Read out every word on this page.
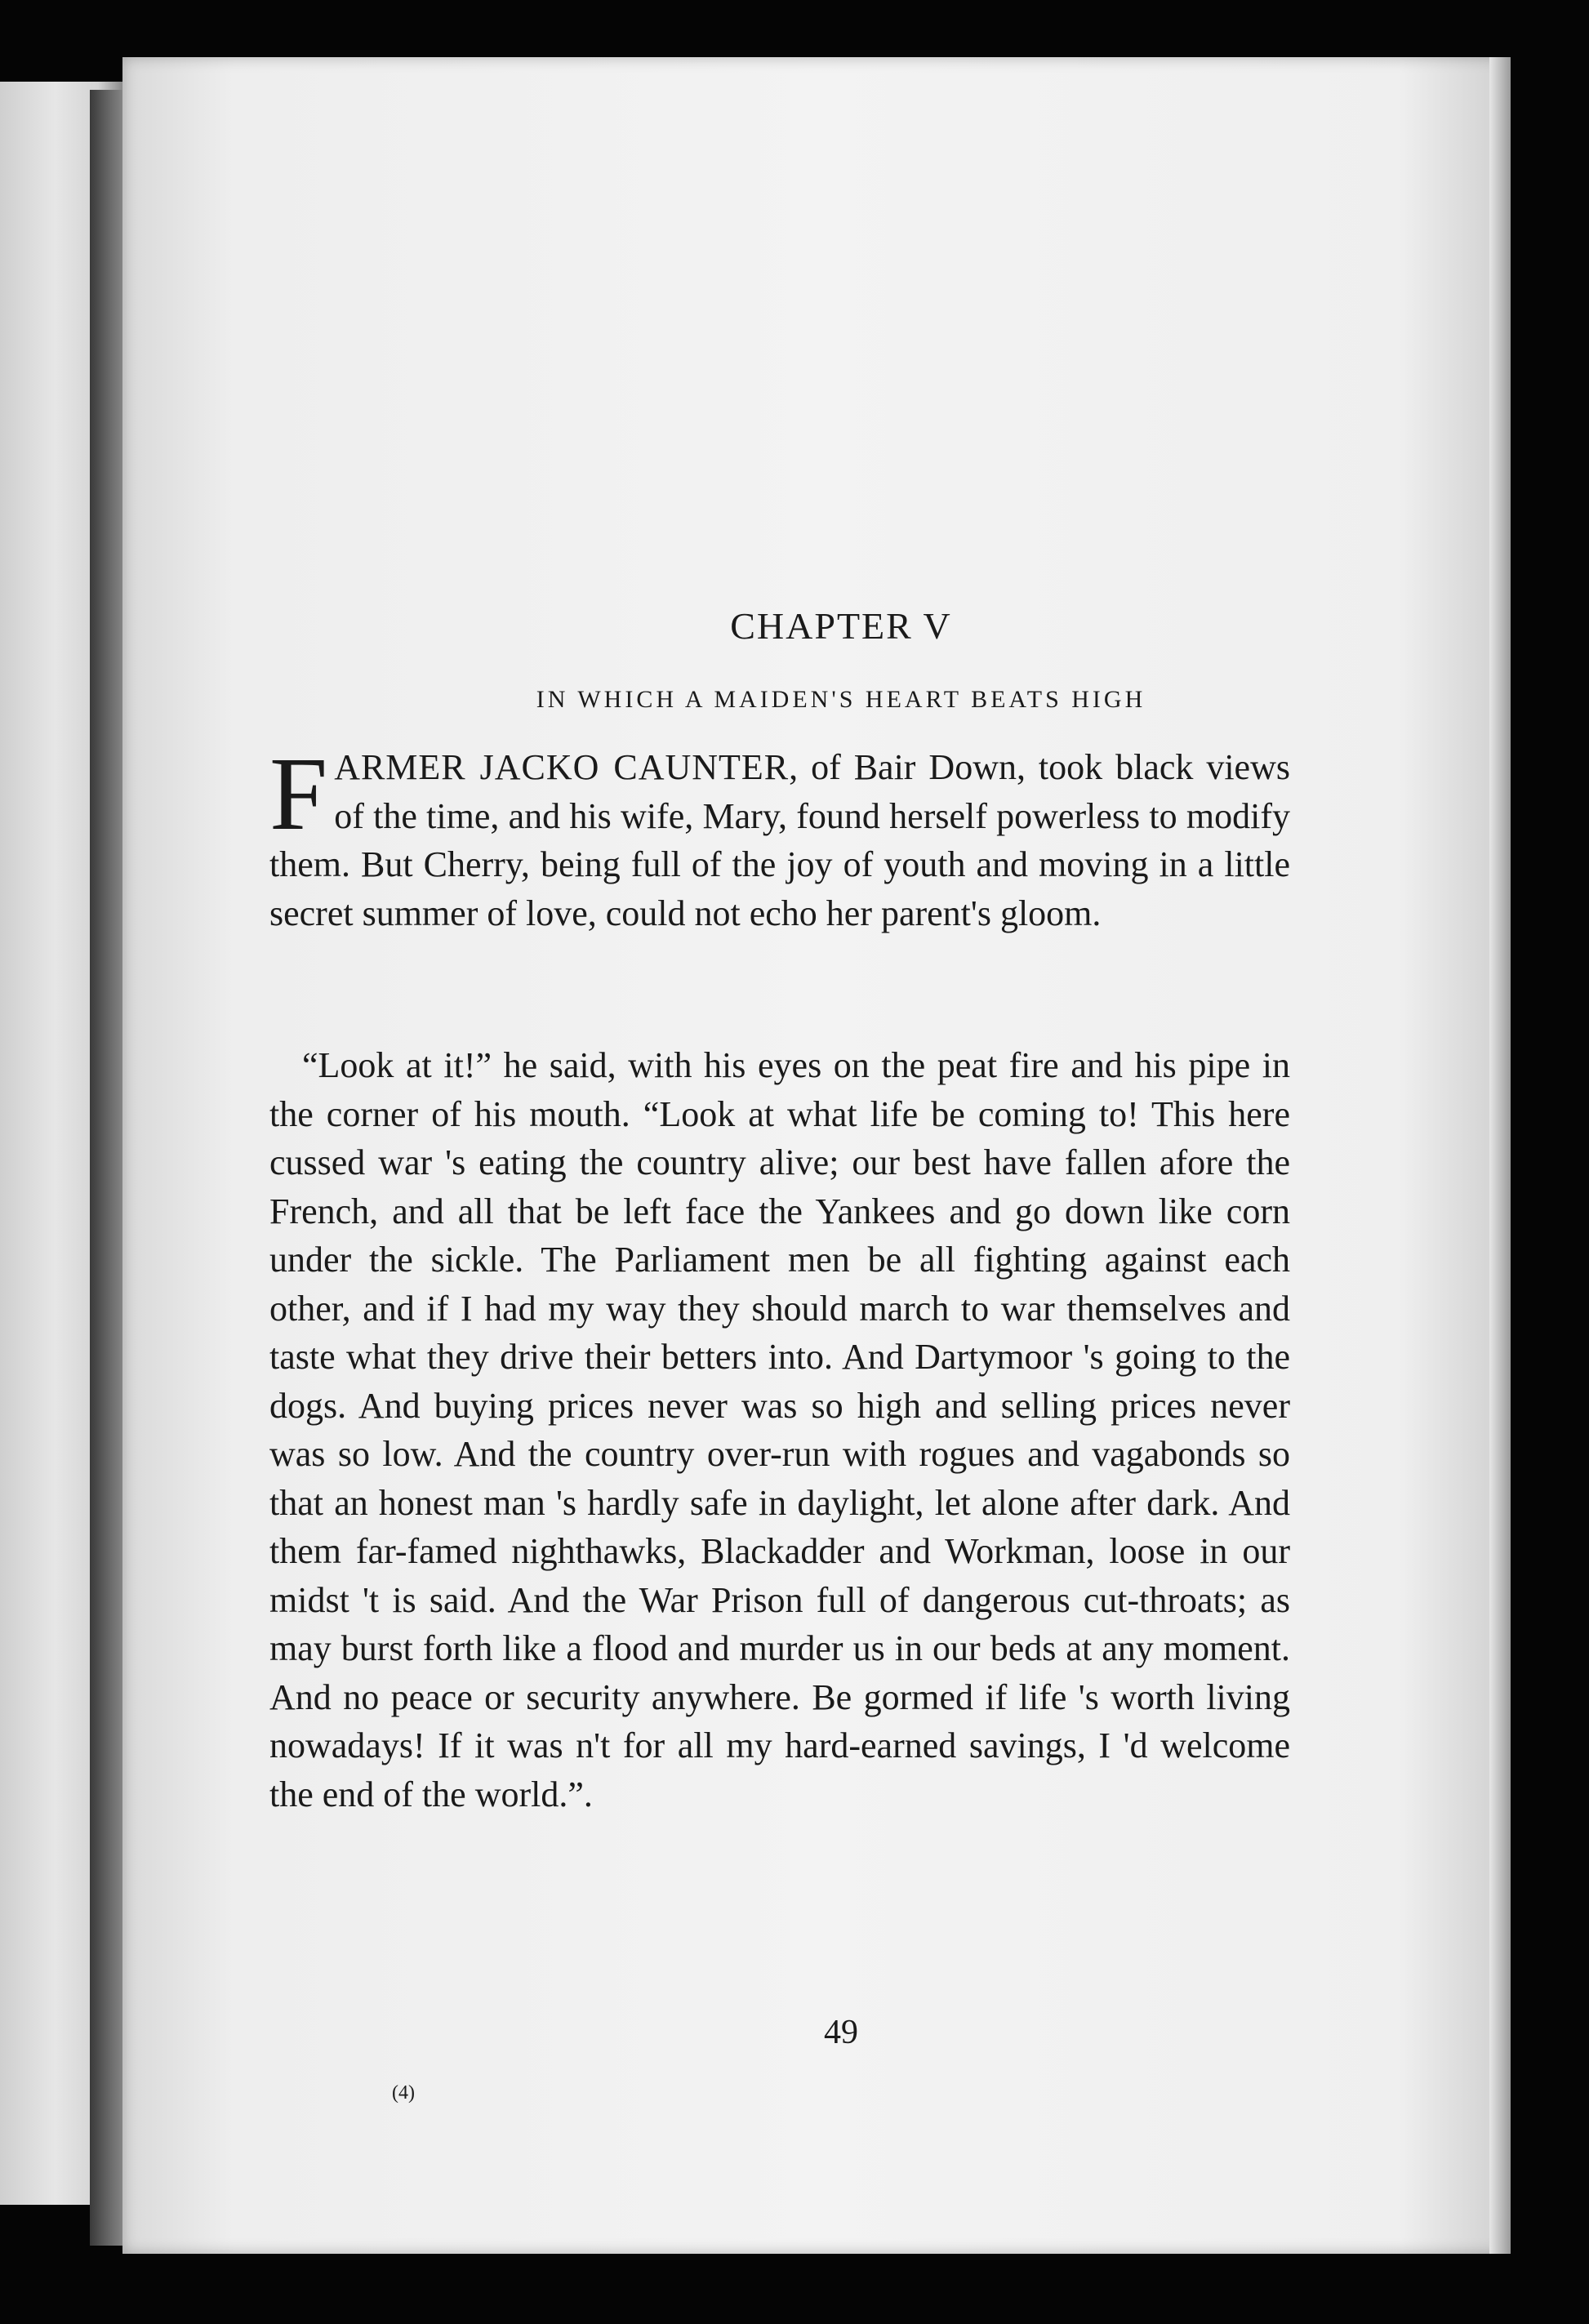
CHAPTER V
IN WHICH A MAIDEN'S HEART BEATS HIGH
FARMER JACKO CAUNTER, of Bair Down, took black views of the time, and his wife, Mary, found herself powerless to modify them. But Cherry, being full of the joy of youth and moving in a little secret summer of love, could not echo her parent's gloom.
“Look at it!” he said, with his eyes on the peat fire and his pipe in the corner of his mouth. “Look at what life be coming to! This here cussed war 's eating the country alive; our best have fallen afore the French, and all that be left face the Yankees and go down like corn under the sickle. The Parliament men be all fighting against each other, and if I had my way they should march to war themselves and taste what they drive their betters into. And Dartymoor 's going to the dogs. And buying prices never was so high and selling prices never was so low. And the country over-run with rogues and vagabonds so that an honest man 's hardly safe in daylight, let alone after dark. And them far-famed nighthawks, Blackadder and Workman, loose in our midst 't is said. And the War Prison full of dangerous cut-throats; as may burst forth like a flood and murder us in our beds at any moment. And no peace or security anywhere. Be gormed if life 's worth living nowadays! If it was n't for all my hard-earned savings, I 'd welcome the end of the world.”.
49
(4)
